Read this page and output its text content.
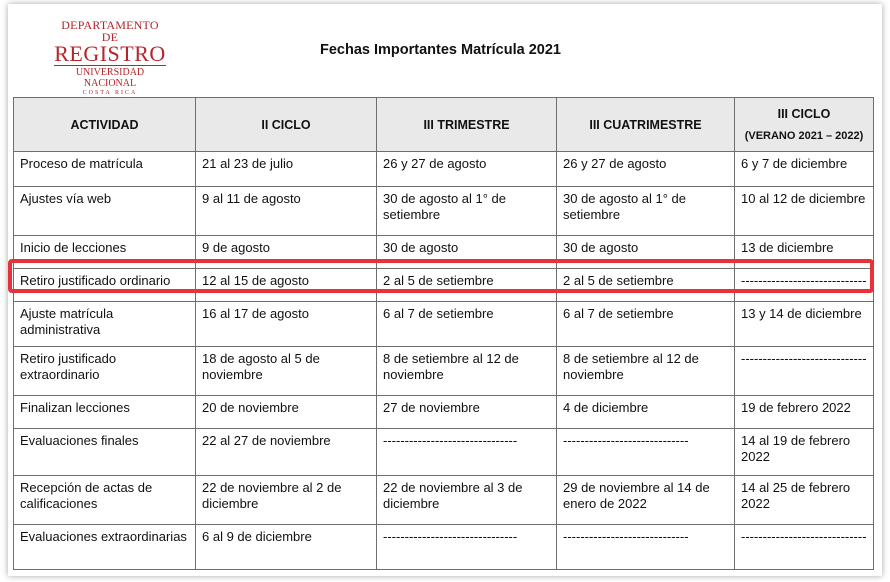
DEPARTAMENTO DE
REGISTRO
UNIVERSIDAD NACIONAL
COSTA RICA
Fechas Importantes Matrícula 2021
ACTIVIDAD	II CICLO	III TRIMESTRE	III CUATRIMESTRE	III CICLO
(VERANO 2021 – 2022)

Proceso de matrícula	21 al 23 de julio	26 y 27 de agosto	26 y 27 de agosto	6 y 7 de diciembre
Ajustes vía web	9 al 11 de agosto	30 de agosto al 1° de setiembre	30 de agosto al 1° de setiembre	10 al 12 de diciembre
Inicio de lecciones	9 de agosto	30 de agosto	30 de agosto	13 de diciembre
Retiro justificado ordinario	12 al 15 de agosto	2 al 5 de setiembre	2 al 5 de setiembre	-----------------------------
Ajuste matrícula administrativa	16 al 17 de agosto	6 al 7 de setiembre	6 al 7 de setiembre	13 y 14 de diciembre
Retiro justificado extraordinario	18 de agosto al 5 de noviembre	8 de setiembre al 12 de noviembre	8 de setiembre al 12 de noviembre	-----------------------------
Finalizan lecciones	20 de noviembre	27 de noviembre	4 de diciembre	19 de febrero 2022
Evaluaciones finales	22 al 27 de noviembre	-------------------------------	-----------------------------	14 al 19 de febrero 2022
Recepción de actas de calificaciones	22 de noviembre al 2 de diciembre	22 de noviembre al 3 de diciembre	29 de noviembre al 14 de enero de 2022	14 al 25 de febrero 2022
Evaluaciones extraordinarias	6 al 9 de diciembre	-------------------------------	-----------------------------	-----------------------------
